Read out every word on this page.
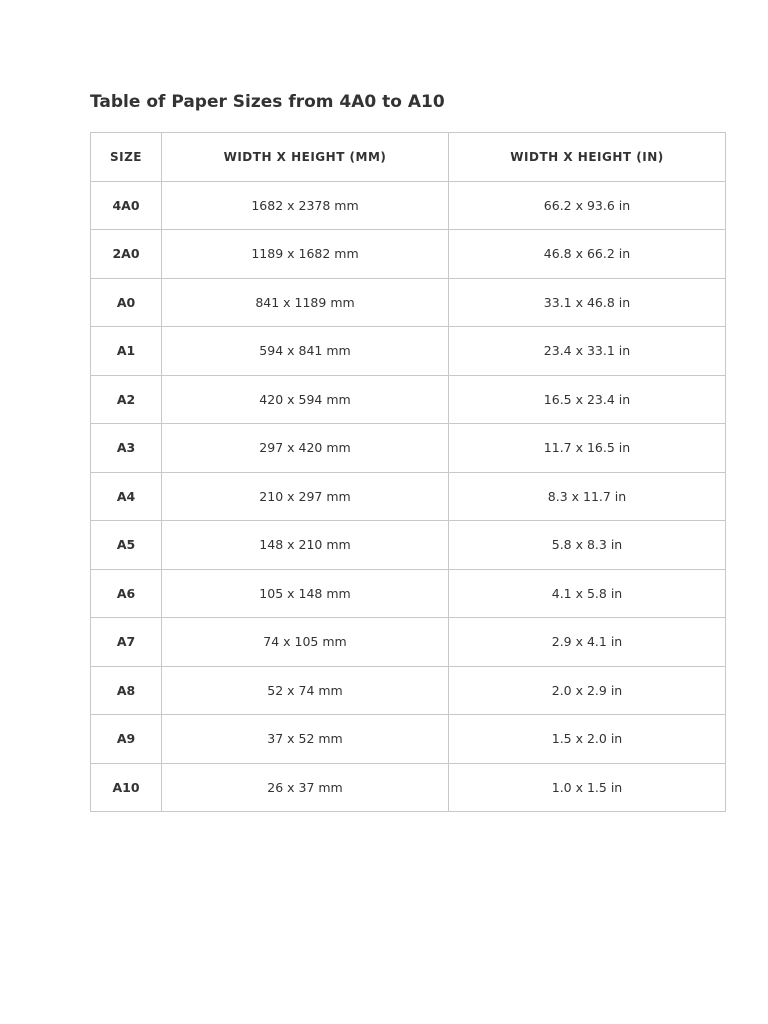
Table of Paper Sizes from 4A0 to A10
SIZE	WIDTH X HEIGHT (MM)	WIDTH X HEIGHT (IN)
4A0	1682 x 2378 mm	66.2 x 93.6 in
2A0	1189 x 1682 mm	46.8 x 66.2 in
A0	841 x 1189 mm	33.1 x 46.8 in
A1	594 x 841 mm	23.4 x 33.1 in
A2	420 x 594 mm	16.5 x 23.4 in
A3	297 x 420 mm	11.7 x 16.5 in
A4	210 x 297 mm	8.3 x 11.7 in
A5	148 x 210 mm	5.8 x 8.3 in
A6	105 x 148 mm	4.1 x 5.8 in
A7	74 x 105 mm	2.9 x 4.1 in
A8	52 x 74 mm	2.0 x 2.9 in
A9	37 x 52 mm	1.5 x 2.0 in
A10	26 x 37 mm	1.0 x 1.5 in
